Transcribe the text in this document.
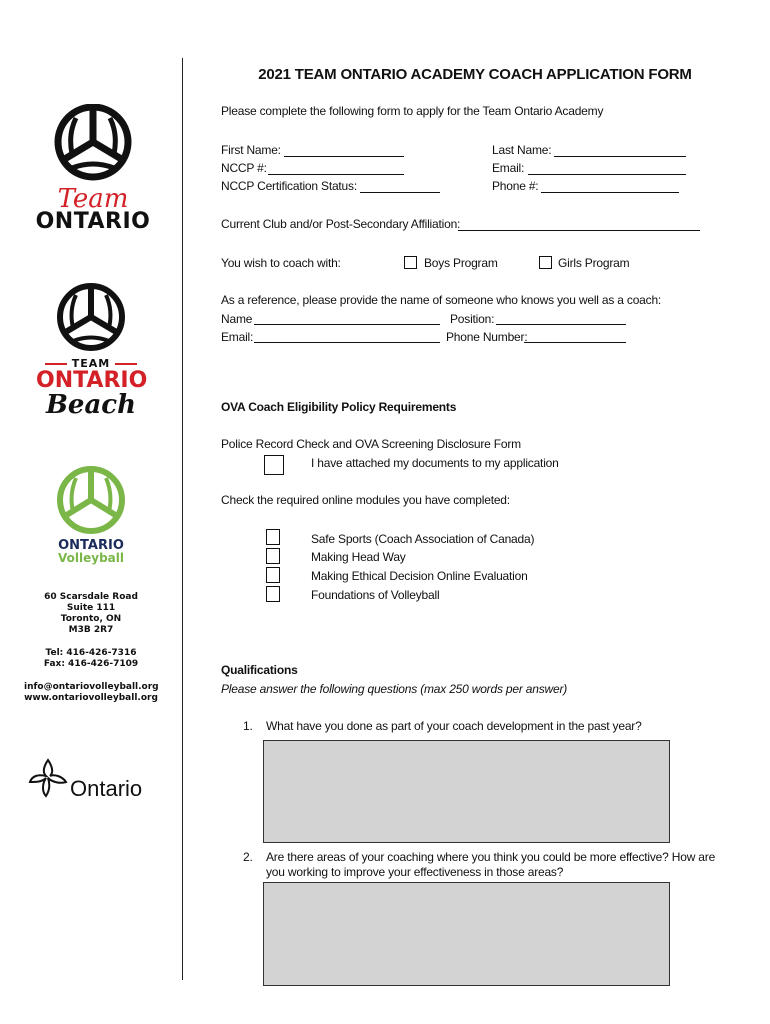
Team
ONTARIO
TEAM
ONTARIO
Beach
ONTARIO
Volleyball
60 Scarsdale Road
Suite 111
Toronto, ON
M3B 2R7
Tel: 416-426-7316
Fax: 416-426-7109
info@ontariovolleyball.org
www.ontariovolleyball.org
Ontario
2021 TEAM ONTARIO ACADEMY COACH APPLICATION FORM
Please complete the following form to apply for the Team Ontario Academy
First Name:	Last Name:
NCCP #:	Email:
NCCP Certification Status:	Phone #:
Current Club and/or Post-Secondary Affiliation:
You wish to coach with:	Boys Program	Girls Program
As a reference, please provide the name of someone who knows you well as a coach:
Name	Position:
Email:	Phone Number:
OVA Coach Eligibility Policy Requirements
Police Record Check and OVA Screening Disclosure Form
I have attached my documents to my application
Check the required online modules you have completed:
Safe Sports (Coach Association of Canada)
Making Head Way
Making Ethical Decision Online Evaluation
Foundations of Volleyball
Qualifications
Please answer the following questions (max 250 words per answer)
1. What have you done as part of your coach development in the past year?
2. Are there areas of your coaching where you think you could be more effective? How are
you working to improve your effectiveness in those areas?
